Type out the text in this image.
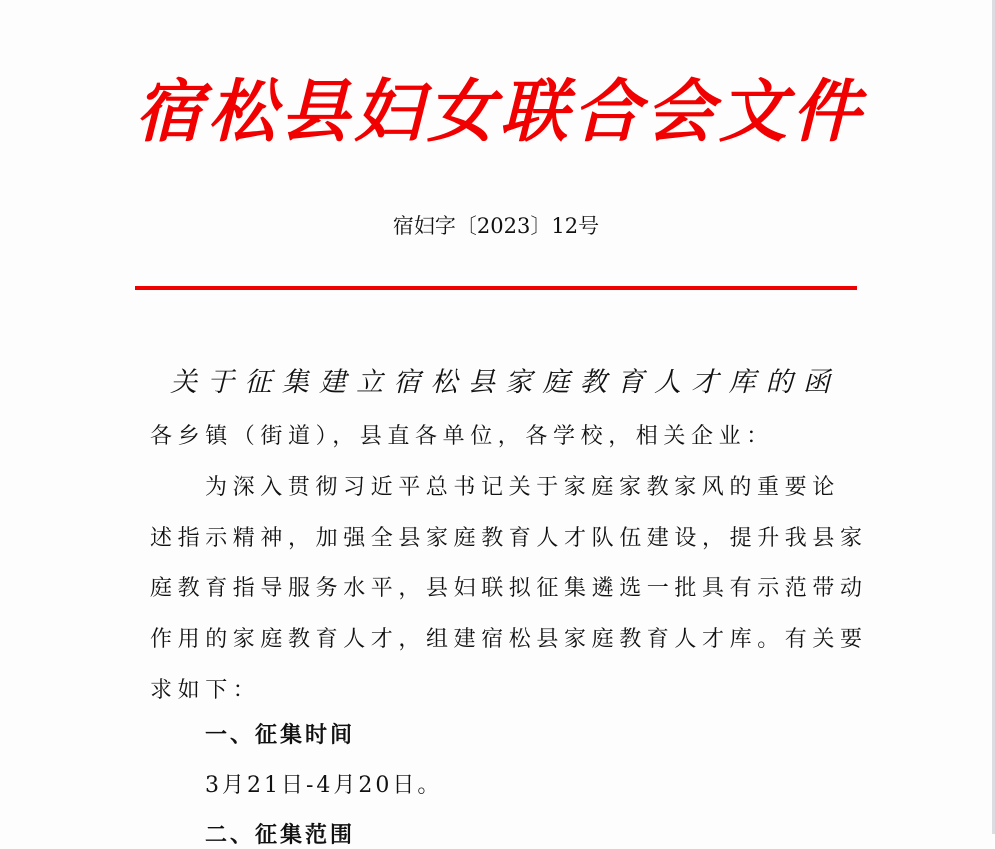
宿 松 县 妇 女 联 合 会 文 件
宿妇字〔2023〕12号
关 于 征 集 建 立 宿 松 县 家 庭 教 育 人 才 库 的 函
各乡镇（街道），县直各单位，各学校，相关企业：
为深入贯彻习近平总书记关于家庭家教家风的重要论
述指示精神，加强全县家庭教育人才队伍建设，提升我县家
庭教育指导服务水平，县妇联拟征集遴选一批具有示范带动
作用的家庭教育人才，组建宿松县家庭教育人才库。有关要
求如下：
一、征集时间
3月21日-4月20日。
二、征集范围
